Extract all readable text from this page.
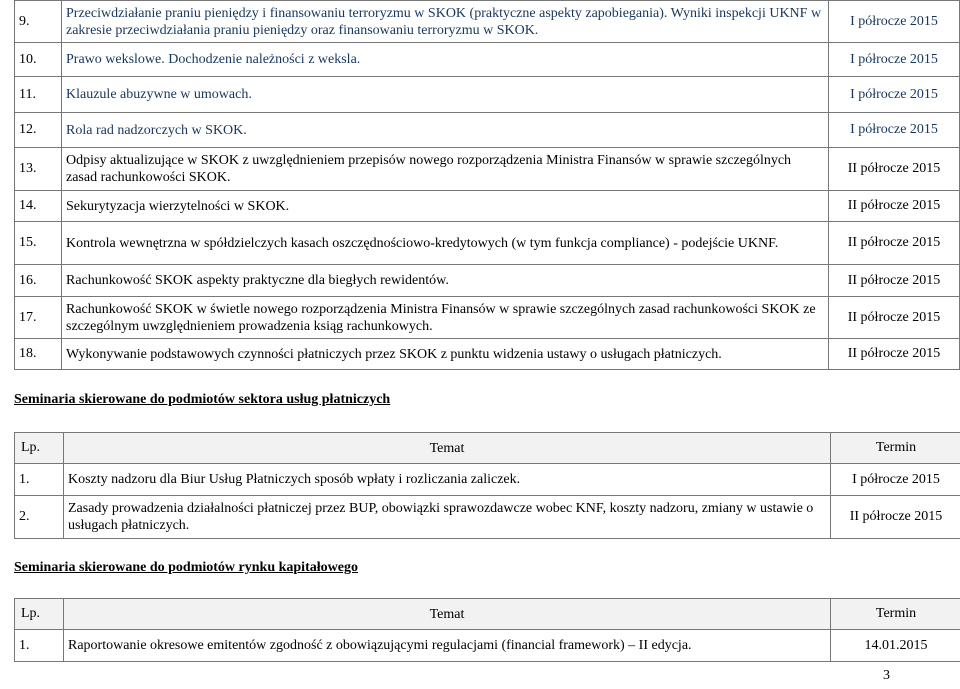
9.	Przeciwdziałanie praniu pieniędzy i finansowaniu terroryzmu w SKOK (praktyczne aspekty zapobiegania). Wyniki inspekcji UKNF w zakresie przeciwdziałania praniu pieniędzy oraz finansowaniu terroryzmu w SKOK.	I półrocze 2015
10.	Prawo wekslowe. Dochodzenie należności z weksla.	I półrocze 2015
11.	Klauzule abuzywne w umowach.	I półrocze 2015
12.	Rola rad nadzorczych w SKOK.	I półrocze 2015
13.	Odpisy aktualizujące w SKOK z uwzględnieniem przepisów nowego rozporządzenia Ministra Finansów w sprawie szczególnych zasad rachunkowości SKOK.	II półrocze 2015
14.	Sekurytyzacja wierzytelności w SKOK.	II półrocze 2015
15.	Kontrola wewnętrzna w spółdzielczych kasach oszczędnościowo-kredytowych (w tym funkcja compliance) - podejście UKNF.	II półrocze 2015
16.	Rachunkowość SKOK aspekty praktyczne dla biegłych rewidentów.	II półrocze 2015
17.	Rachunkowość SKOK w świetle nowego rozporządzenia Ministra Finansów w sprawie szczególnych zasad rachunkowości SKOK ze szczególnym uwzględnieniem prowadzenia ksiąg rachunkowych.	II półrocze 2015
18.	Wykonywanie podstawowych czynności płatniczych przez SKOK z punktu widzenia ustawy o usługach płatniczych.	II półrocze 2015
Seminaria skierowane do podmiotów sektora usług płatniczych
Lp.	Temat	Termin
1.	Koszty nadzoru dla Biur Usług Płatniczych sposób wpłaty i rozliczania zaliczek.	I półrocze 2015
2.	Zasady prowadzenia działalności płatniczej przez BUP, obowiązki sprawozdawcze wobec KNF, koszty nadzoru, zmiany w ustawie o usługach płatniczych.	II półrocze 2015
Seminaria skierowane do podmiotów rynku kapitałowego
Lp.	Temat	Termin
1.	Raportowanie okresowe emitentów zgodność z obowiązującymi regulacjami (financial framework) – II edycja.	14.01.2015
3
